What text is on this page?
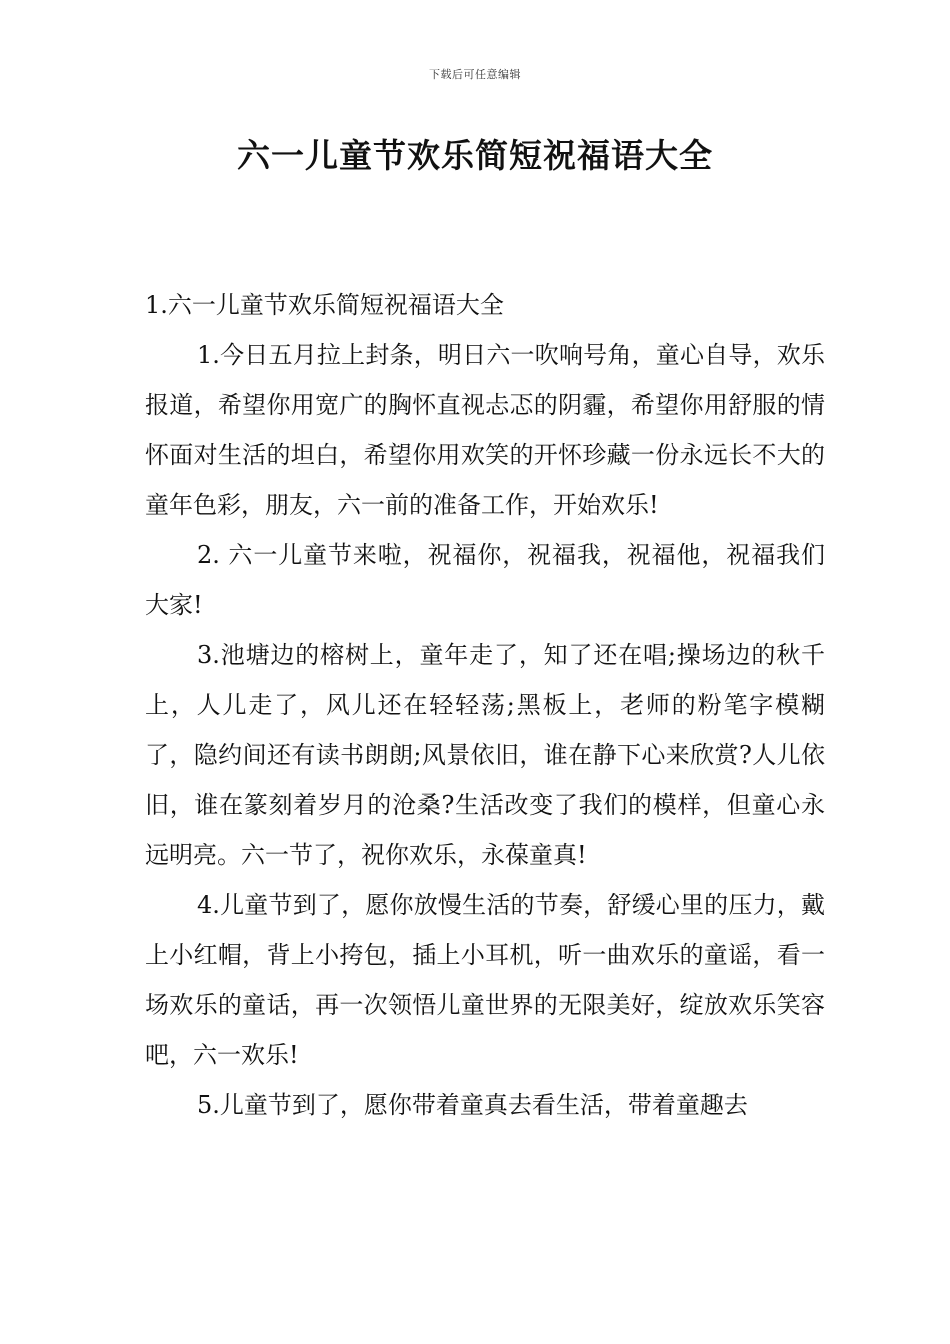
下载后可任意编辑
六一儿童节欢乐简短祝福语大全

1.六一儿童节欢乐简短祝福语大全

1.今日五月拉上封条，明日六一吹响号角，童心自导，欢乐报道，希望你用宽广的胸怀直视忐忑的阴霾，希望你用舒服的情怀面对生活的坦白，希望你用欢笑的开怀珍藏一份永远长不大的童年色彩，朋友，六一前的准备工作，开始欢乐!

2. 六一儿童节来啦，祝福你，祝福我，祝福他，祝福我们大家!

3.池塘边的榕树上，童年走了，知了还在唱;操场边的秋千上，人儿走了，风儿还在轻轻荡;黑板上，老师的粉笔字模糊了，隐约间还有读书朗朗;风景依旧，谁在静下心来欣赏?人儿依旧，谁在篆刻着岁月的沧桑?生活改变了我们的模样，但童心永远明亮。六一节了，祝你欢乐，永葆童真!

4.儿童节到了，愿你放慢生活的节奏，舒缓心里的压力，戴上小红帽，背上小挎包，插上小耳机，听一曲欢乐的童谣，看一场欢乐的童话，再一次领悟儿童世界的无限美好，绽放欢乐笑容吧，六一欢乐!

5.儿童节到了，愿你带着童真去看生活，带着童趣去
